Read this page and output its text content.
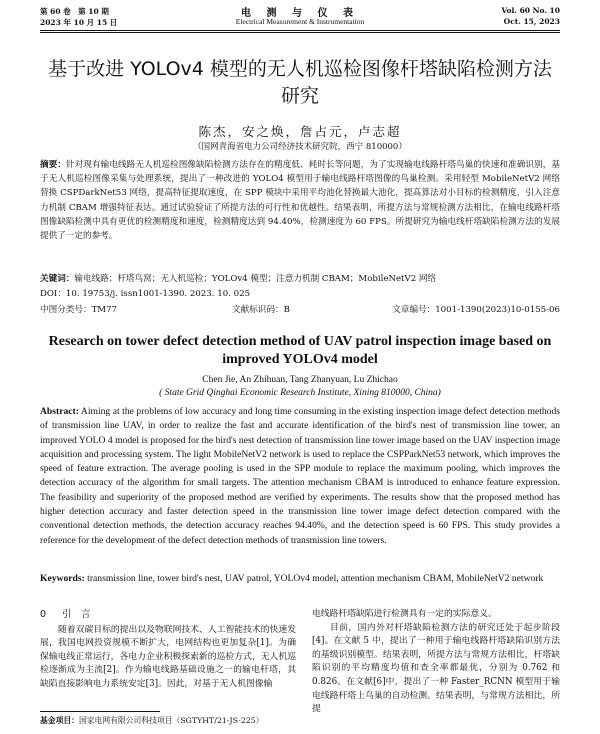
第 60 卷　第 10 期
2023 年 10 月 15 日
电 测 与 仪 表
Electrical Measurement & Instrumentation
Vol. 60 No. 10
Oct. 15, 2023
基于改进 YOLOv4 模型的无人机巡检图像杆塔缺陷检测方法研究
陈杰，安之焕，詹占元，卢志超
（国网青海省电力公司经济技术研究院，西宁 810000）
摘要：针对现有输电线路无人机巡检图像缺陷检测方法存在的精度低、耗时长等问题，为了实现输电线路杆塔鸟巢的快速和准确识别，基于无人机巡检图像采集与处理系统，提出了一种改进的 YOLO4 模型用于输电线路杆塔图像的鸟巢检测。采用轻型 MobileNetV2 网络替换 CSPDarkNet53 网络，提高特征提取速度，在 SPP 模块中采用平均池化替换最大池化，提高算法对小目标的检测精度，引入注意力机制 CBAM 增强特征表达。通过试验验证了所提方法的可行性和优越性。结果表明，所提方法与常规检测方法相比，在输电线路杆塔图像缺陷检测中具有更优的检测精度和速度，检测精度达到 94.40%，检测速度为 60 FPS。所提研究为输电线杆塔缺陷检测方法的发展提供了一定的参考。
关键词：输电线路；杆塔鸟窝；无人机巡检；YOLOv4 模型；注意力机制 CBAM；MobileNetV2 网络
DOI：10. 19753/j. issn1001-1390. 2023. 10. 025
中图分类号：TM77	文献标识码：B	文章编号：1001-1390(2023)10-0155-06
Research on tower defect detection method of UAV patrol inspection image based on improved YOLOv4 model
Chen Jie, An Zhihuan, Tang Zhanyuan, Lu Zhichao
( State Grid Qinghai Economic Research Institute, Xining 810000, China)
Abstract: Aiming at the problems of low accuracy and long time consuming in the existing inspection image defect detection methods of transmission line UAV, in order to realize the fast and accurate identification of the bird's nest of transmission line tower, an improved YOLO 4 model is proposed for the bird's nest detection of transmission line tower image based on the UAV inspection image acquisition and processing system. The light MobileNetV2 network is used to replace the CSPParkNet53 network, which improves the speed of feature extraction. The average pooling is used in the SPP module to replace the maximum pooling, which improves the detection accuracy of the algorithm for small targets. The attention mechanism CBAM is introduced to enhance feature expression. The feasibility and superiority of the proposed method are verified by experiments. The results show that the proposed method has higher detection accuracy and faster detection speed in the transmission line tower image defect detection compared with the conventional detection methods, the detection accuracy reaches 94.40%, and the detection speed is 60 FPS. This study provides a reference for the development of the defect detection methods of transmission line towers.
Keywords: transmission line, tower bird's nest, UAV patrol, YOLOv4 model, attention mechanism CBAM, MobileNetV2 network
0 引　言

随着双碳目标的提出以及物联网技术、人工智能技术的快速发展，我国电网投资规模不断扩大，电网结构也更加复杂[1]。为确保输电线正常运行，各电力企业积极探索新的巡检方式，无人机巡检逐渐成为主流[2]。作为输电线路基础设施之一的输电杆塔，其缺陷直接影响电力系统安定[3]。因此，对基于无人机图像输

电线路杆塔缺陷进行检测具有一定的实际意义。

目前，国内外对杆塔缺陷检测方法的研究还处于起步阶段[4]。在文献 5 中，提出了一种用于输电线路杆塔缺陷识别方法的基级识别模型。结果表明，所提方法与常规方法相比，杆塔缺陷识别的平均精度均值和查全率都最优，分别为 0.762 和 0.826。在文献[6]中，提出了一种 Faster_RCNN 模型用于输电线路杆塔上鸟巢的自动检测。结果表明，与常规方法相比，所提

基金项目：国家电网有限公司科技项目（SGTYHT/21-JS-225）
